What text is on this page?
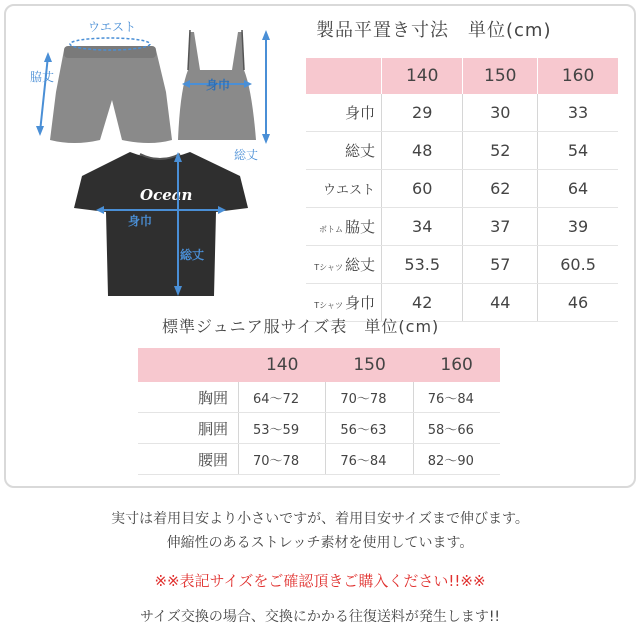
Ocean
ウエスト
脇丈
身巾
総丈
身巾
総丈
製品平置き寸法　単位(cm)
	140	150	160
身巾	29	30	33
総丈	48	52	54
ウエスト	60	62	64
ボトム 脇丈	34	37	39
Tシャツ 総丈	53.5	57	60.5
Tシャツ 身巾	42	44	46
標準ジュニア服サイズ表　単位(cm)
	140	150	160
胸囲	64〜72	70〜78	76〜84
胴囲	53〜59	56〜63	58〜66
腰囲	70〜78	76〜84	82〜90
実寸は着用目安より小さいですが、着用目安サイズまで伸びます。
伸縮性のあるストレッチ素材を使用しています。
※※表記サイズをご確認頂きご購入ください!!※※
サイズ交換の場合、交換にかかる往復送料が発生します!!
